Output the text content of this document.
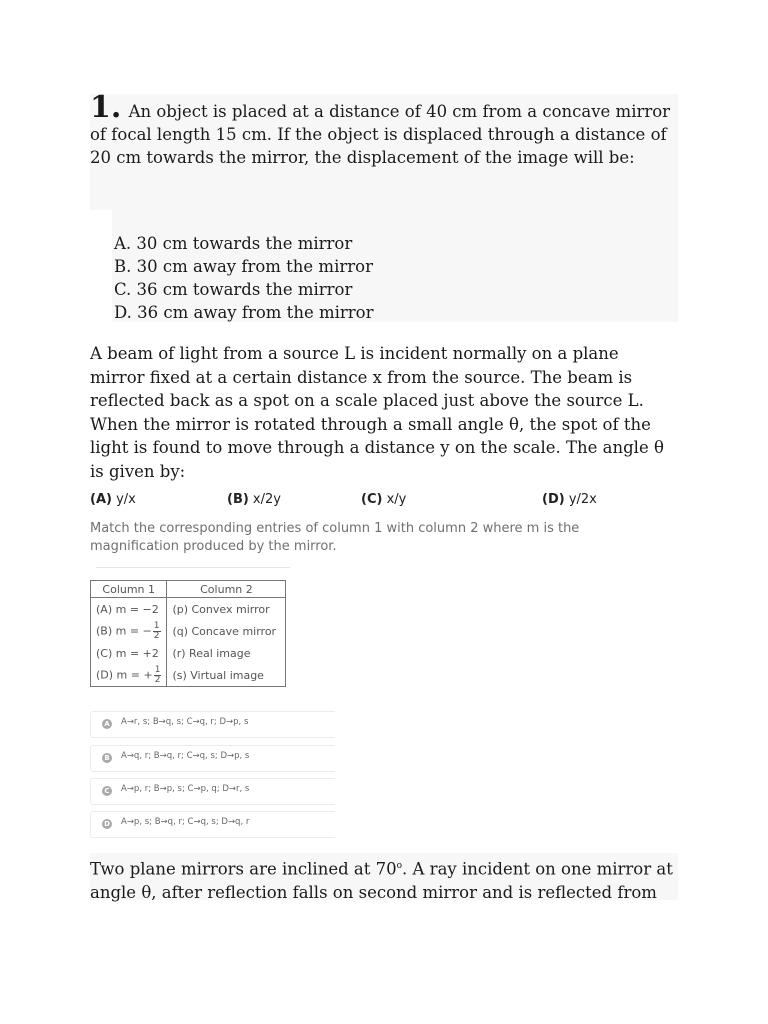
1. An object is placed at a distance of 40 cm from a concave mirror of focal length 15 cm. If the object is displaced through a distance of 20 cm towards the mirror, the displacement of the image will be:
A. 30 cm towards the mirror
B. 30 cm away from the mirror
C. 36 cm towards the mirror
D. 36 cm away from the mirror
A beam of light from a source L is incident normally on a plane mirror fixed at a certain distance x from the source. The beam is reflected back as a spot on a scale placed just above the source L. When the mirror is rotated through a small angle θ, the spot of the light is found to move through a distance y on the scale. The angle θ is given by:
(A) y/x	(B) x/2y	(C) x/y	(D) y/2x
Match the corresponding entries of column 1 with column 2 where m is the magnification produced by the mirror.
Column 1	Column 2
(A) m = −2	(p) Convex mirror
(B) m = − $\frac{1}{2}$	(q) Concave mirror
(C) m = +2	(r) Real image
(D) m = + $\frac{1}{2}$	(s) Virtual image
A A→r, s; B→q, s; C→q, r; D→p, s
B A→q, r; B→q, r; C→q, s; D→p, s
C A→p, r; B→p, s; C→p, q; D→r, s
D A→p, s; B→q, r; C→q, s; D→q, r
Two plane mirrors are inclined at 70$^o$. A ray incident on one mirror at angle θ, after reflection falls on second mirror and is reflected from
